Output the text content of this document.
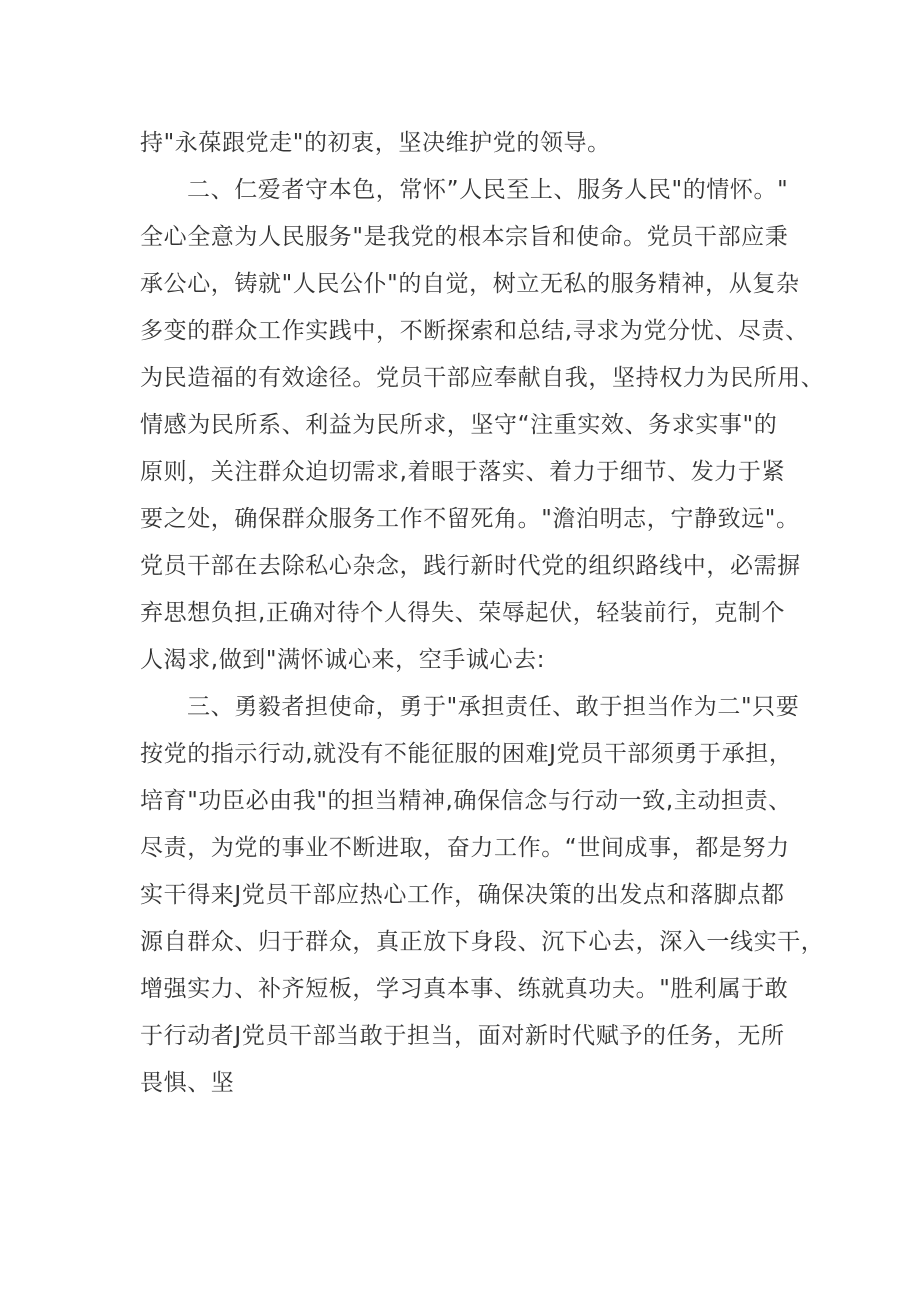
持"永葆跟党走"的初衷，坚决维护党的领导。
二、仁爱者守本色，常怀”人民至上、服务人民"的情怀。"
全心全意为人民服务"是我党的根本宗旨和使命。党员干部应秉
承公心，铸就"人民公仆"的自觉，树立无私的服务精神，从复杂
多变的群众工作实践中，不断探索和总结,寻求为党分忧、尽责、
为民造福的有效途径。党员干部应奉献自我，坚持权力为民所用、
情感为民所系、利益为民所求，坚守“注重实效、务求实事"的
原则，关注群众迫切需求,着眼于落实、着力于细节、发力于紧
要之处，确保群众服务工作不留死角。"澹泊明志，宁静致远"。
党员干部在去除私心杂念，践行新时代党的组织路线中，必需摒
弃思想负担,正确对待个人得失、荣辱起伏，轻装前行，克制个
人渴求,做到"满怀诚心来，空手诚心去:
三、勇毅者担使命，勇于"承担责任、敢于担当作为二"只要
按党的指示行动,就没有不能征服的困难J党员干部须勇于承担，
培育"功臣必由我"的担当精神,确保信念与行动一致,主动担责、
尽责，为党的事业不断进取，奋力工作。“世间成事，都是努力
实干得来J党员干部应热心工作，确保决策的出发点和落脚点都
源自群众、归于群众，真正放下身段、沉下心去，深入一线实干，
增强实力、补齐短板，学习真本事、练就真功夫。"胜利属于敢
于行动者J党员干部当敢于担当，面对新时代赋予的任务，无所
畏惧、坚
